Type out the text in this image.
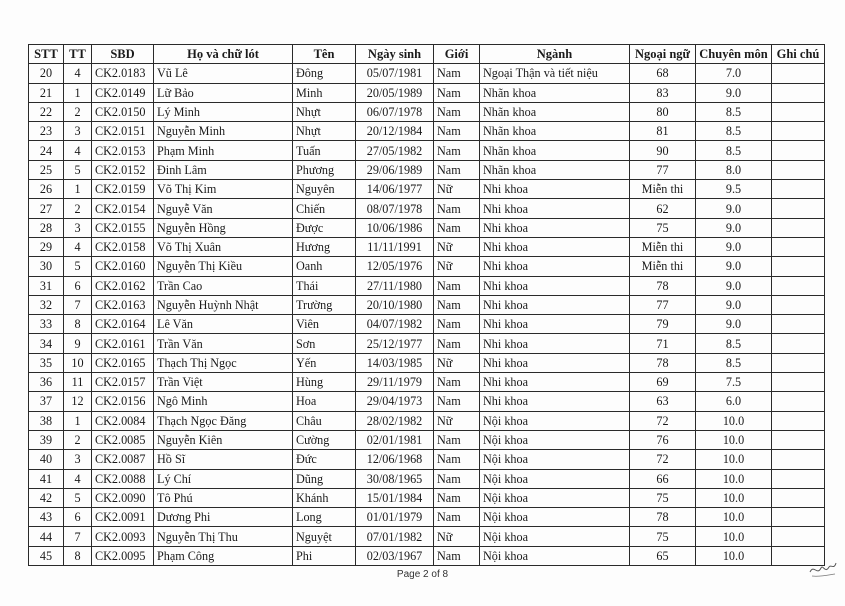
STT	TT	SBD	Họ và chữ lót	Tên	Ngày sinh	Giới	Ngành	Ngoại ngữ	Chuyên môn	Ghi chú
20	4	CK2.0183	Vũ Lê	Đông	05/07/1981	Nam	Ngoại Thận và tiết niệu	68	7.0	
21	1	CK2.0149	Lữ Bảo	Minh	20/05/1989	Nam	Nhãn khoa	83	9.0	
22	2	CK2.0150	Lý Minh	Nhựt	06/07/1978	Nam	Nhãn khoa	80	8.5	
23	3	CK2.0151	Nguyễn Minh	Nhựt	20/12/1984	Nam	Nhãn khoa	81	8.5	
24	4	CK2.0153	Phạm Minh	Tuấn	27/05/1982	Nam	Nhãn khoa	90	8.5	
25	5	CK2.0152	Đinh Lâm	Phương	29/06/1989	Nam	Nhãn khoa	77	8.0	
26	1	CK2.0159	Võ Thị Kim	Nguyên	14/06/1977	Nữ	Nhi khoa	Miễn thi	9.5	
27	2	CK2.0154	Nguyễ Văn	Chiến	08/07/1978	Nam	Nhi khoa	62	9.0	
28	3	CK2.0155	Nguyễn Hồng	Được	10/06/1986	Nam	Nhi khoa	75	9.0	
29	4	CK2.0158	Võ Thị Xuân	Hương	11/11/1991	Nữ	Nhi khoa	Miễn thi	9.0	
30	5	CK2.0160	Nguyễn Thị Kiều	Oanh	12/05/1976	Nữ	Nhi khoa	Miễn thi	9.0	
31	6	CK2.0162	Trần Cao	Thái	27/11/1980	Nam	Nhi khoa	78	9.0	
32	7	CK2.0163	Nguyễn Huỳnh Nhật	Trường	20/10/1980	Nam	Nhi khoa	77	9.0	
33	8	CK2.0164	Lê Văn	Viên	04/07/1982	Nam	Nhi khoa	79	9.0	
34	9	CK2.0161	Trần Văn	Sơn	25/12/1977	Nam	Nhi khoa	71	8.5	
35	10	CK2.0165	Thạch Thị Ngọc	Yến	14/03/1985	Nữ	Nhi khoa	78	8.5	
36	11	CK2.0157	Trần Việt	Hùng	29/11/1979	Nam	Nhi khoa	69	7.5	
37	12	CK2.0156	Ngô Minh	Hoa	29/04/1973	Nam	Nhi khoa	63	6.0	
38	1	CK2.0084	Thạch Ngọc Đăng	Châu	28/02/1982	Nữ	Nội khoa	72	10.0	
39	2	CK2.0085	Nguyễn Kiên	Cường	02/01/1981	Nam	Nội khoa	76	10.0	
40	3	CK2.0087	Hồ Sĩ	Đức	12/06/1968	Nam	Nội khoa	72	10.0	
41	4	CK2.0088	Lý Chí	Dũng	30/08/1965	Nam	Nội khoa	66	10.0	
42	5	CK2.0090	Tô Phú	Khánh	15/01/1984	Nam	Nội khoa	75	10.0	
43	6	CK2.0091	Dương Phi	Long	01/01/1979	Nam	Nội khoa	78	10.0	
44	7	CK2.0093	Nguyễn Thị Thu	Nguyệt	07/01/1982	Nữ	Nội khoa	75	10.0	
45	8	CK2.0095	Phạm Công	Phi	02/03/1967	Nam	Nội khoa	65	10.0	
Page 2 of 8
